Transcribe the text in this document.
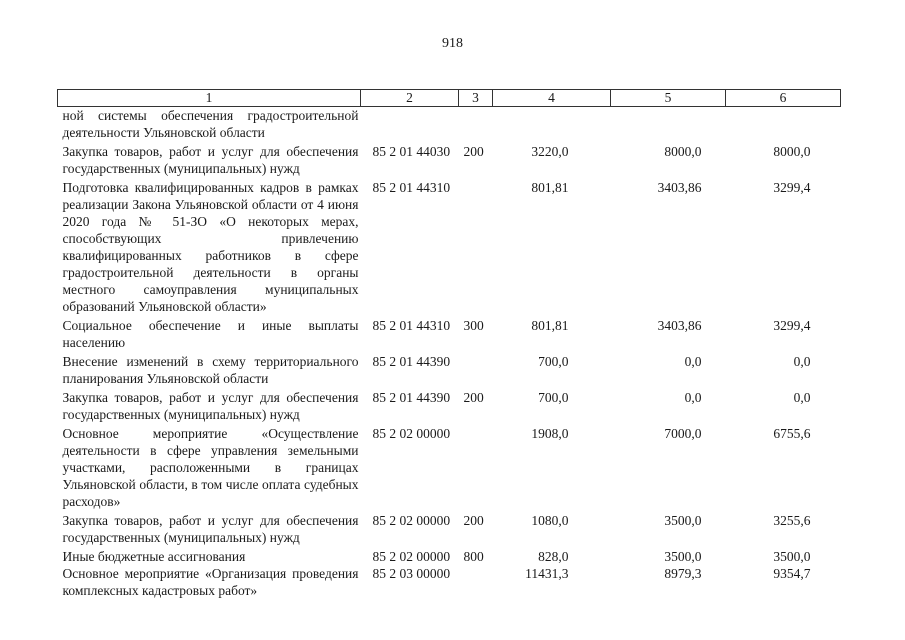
918
1	2	3	4	5	6
ной системы обеспечения градостроительной деятельности Ульяновской области					
Закупка товаров, работ и услуг для обеспечения государственных (муниципальных) нужд	85 2 01 44030	200	3220,0	8000,0	8000,0
Подготовка квалифицированных кадров в рамках реализации Закона Ульяновской области от 4 июня 2020 года № 51-ЗО «О некоторых мерах, способствующих привлечению квалифицированных работников в сфере градостроительной деятельности в органы местного самоуправления муниципальных образований Ульяновской области»	85 2 01 44310		801,81	3403,86	3299,4
Социальное обеспечение и иные выплаты населению	85 2 01 44310	300	801,81	3403,86	3299,4
Внесение изменений в схему территориального планирования Ульяновской области	85 2 01 44390		700,0	0,0	0,0
Закупка товаров, работ и услуг для обеспечения государственных (муниципальных) нужд	85 2 01 44390	200	700,0	0,0	0,0
Основное мероприятие «Осуществление деятельности в сфере управления земельными участками, расположенными в границах Ульяновской области, в том числе оплата судебных расходов»	85 2 02 00000		1908,0	7000,0	6755,6
Закупка товаров, работ и услуг для обеспечения государственных (муниципальных) нужд	85 2 02 00000	200	1080,0	3500,0	3255,6
Иные бюджетные ассигнования	85 2 02 00000	800	828,0	3500,0	3500,0
Основное мероприятие «Организация проведения комплексных кадастровых работ»	85 2 03 00000		11431,3	8979,3	9354,7
